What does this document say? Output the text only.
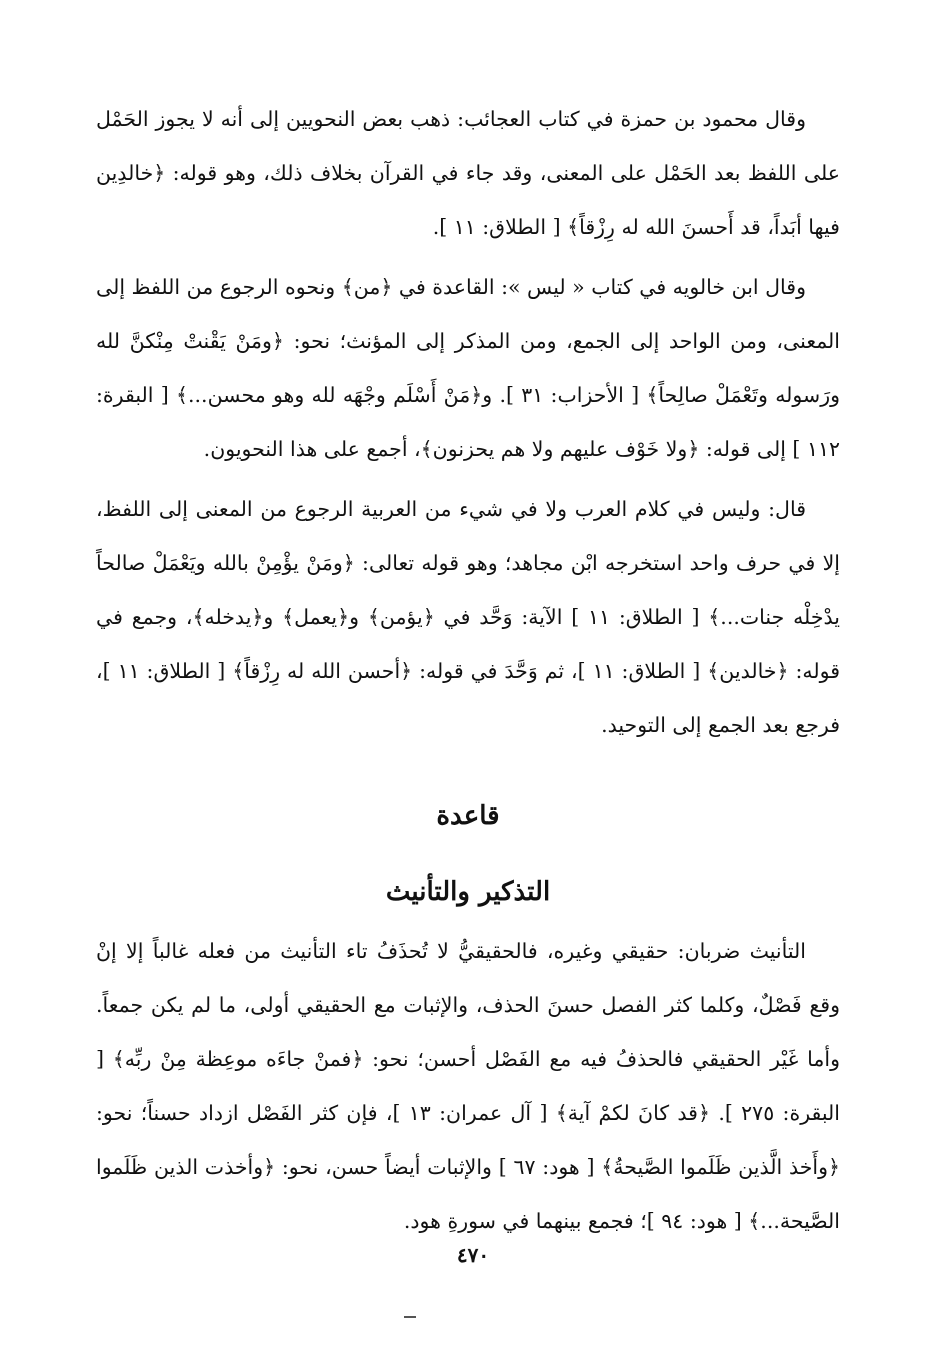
وقال محمود بن حمزة في كتاب العجائب: ذهب بعض النحويين إلى أنه لا يجوز الحَمْل على اللفظ بعد الحَمْل على المعنى، وقد جاء في القرآن بخلاف ذلك، وهو قوله: ﴿خالدِين فيها أبَداً، قد أَحسنَ الله له رِزْقاً﴾ [ الطلاق: ١١ ].

وقال ابن خالويه في كتاب « ليس »: القاعدة في ﴿من﴾ ونحوه الرجوع من اللفظ إلى المعنى، ومن الواحد إلى الجمع، ومن المذكر إلى المؤنث؛ نحو: ﴿ومَنْ يَقْنتْ مِنْكنَّ لله ورَسوله وتَعْمَلْ صالِحاً﴾ [ الأحزاب: ٣١ ]. و﴿مَنْ أَسْلَم وجْهَه لله وهو محسن...﴾ [ البقرة: ١١٢ ] إلى قوله: ﴿ولا خَوْف عليهم ولا هم يحزنون﴾، أجمع على هذا النحويون.

قال: وليس في كلام العرب ولا في شيء من العربية الرجوع من المعنى إلى اللفظ، إلا في حرف واحد استخرجه ابْن مجاهد؛ وهو قوله تعالى: ﴿ومَنْ يؤْمِنْ بالله ويَعْمَلْ صالحاً يدْخِلْه جنات...﴾ [ الطلاق: ١١ ] الآية: وَحَّد في ﴿يؤمن﴾ و﴿يعمل﴾ و﴿يدخله﴾، وجمع في قوله: ﴿خالدين﴾ [ الطلاق: ١١ ]، ثم وَحَّدَ في قوله: ﴿أحسن الله له رِزْقاً﴾ [ الطلاق: ١١ ]، فرجع بعد الجمع إلى التوحيد.

قاعدة
التذكير والتأنيث

التأنيث ضربان: حقيقي وغيره، فالحقيقيُّ لا تُحذَفُ تاء التأنيث من فعله غالباً إلا إنْ وقع فَصْلٌ، وكلما كثر الفصل حسنَ الحذف، والإثبات مع الحقيقي أولى، ما لم يكن جمعاً. وأما غَيْر الحقيقي فالحذفُ فيه مع الفَصْل أحسن؛ نحو: ﴿فمنْ جاءَه موعِظة مِنْ ربِّه﴾ [ البقرة: ٢٧٥ ]. ﴿قد كانَ لكمْ آية﴾ [ آل عمران: ١٣ ]، فإن كثر الفَصْل ازداد حسناً؛ نحو: ﴿وأَخذ الَّذين ظَلَموا الصَّيحةُ﴾ [ هود: ٦٧ ] والإثبات أيضاً حسن، نحو: ﴿وأخذت الذين ظَلَموا الصَّيحة...﴾ [ هود: ٩٤ ]؛ فجمع بينهما في سورةِ هود.

٤٧٠
